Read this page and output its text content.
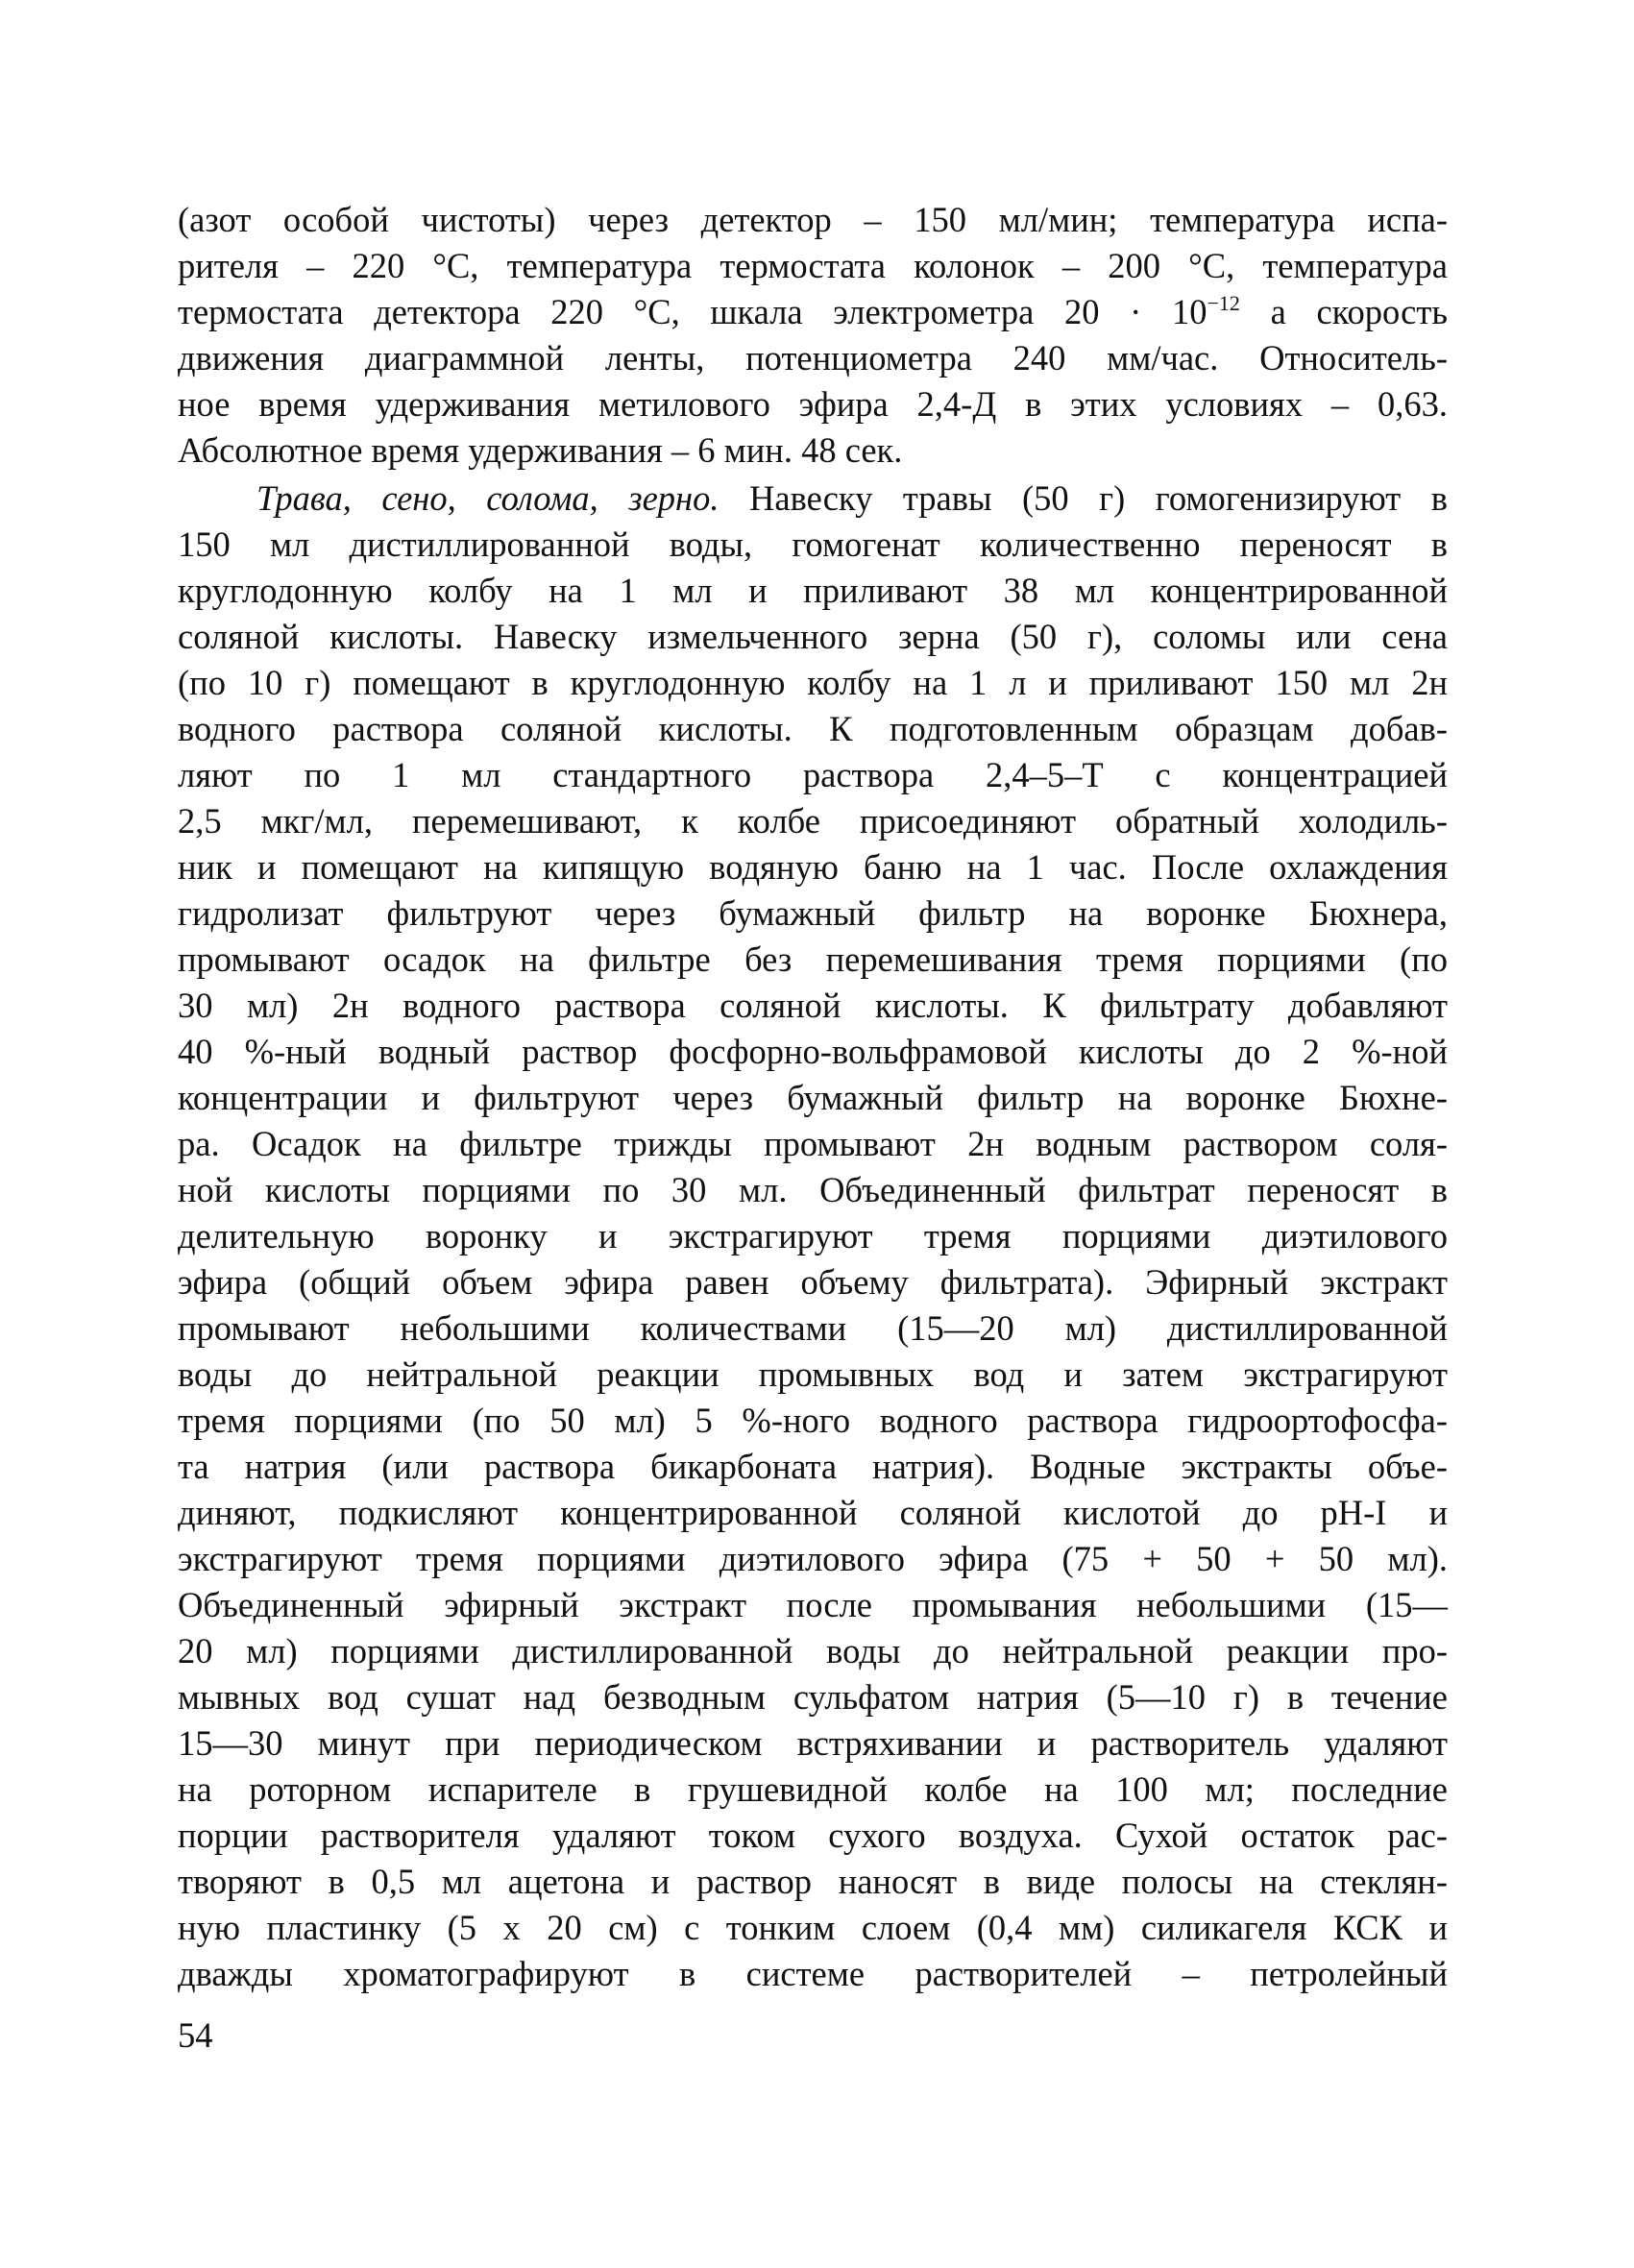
(азот особой чистоты) через детектор – 150 мл/мин; температура испа-
рителя – 220 °С, температура термостата колонок – 200 °С, температура
термостата детектора 220 °С, шкала электрометра $20 \cdot 10^{-12}$ а скорость
движения диаграммной ленты, потенциометра 240 мм/час. Относитель-
ное время удерживания метилового эфира 2,4-Д в этих условиях – 0,63.
Абсолютное время удерживания – 6 мин. 48 сек.
Трава, сено, солома, зерно. Навеску травы (50 г) гомогенизируют в
150 мл дистиллированной воды, гомогенат количественно переносят в
круглодонную колбу на 1 мл и приливают 38 мл концентрированной
соляной кислоты. Навеску измельченного зерна (50 г), соломы или сена
(по 10 г) помещают в круглодонную колбу на 1 л и приливают 150 мл 2н
водного раствора соляной кислоты. К подготовленным образцам добав-
ляют по 1 мл стандартного раствора 2,4–5–Т с концентрацией
2,5 мкг/мл, перемешивают, к колбе присоединяют обратный холодиль-
ник и помещают на кипящую водяную баню на 1 час. После охлаждения
гидролизат фильтруют через бумажный фильтр на воронке Бюхнера,
промывают осадок на фильтре без перемешивания тремя порциями (по
30 мл) 2н водного раствора соляной кислоты. К фильтрату добавляют
40 %-ный водный раствор фосфорно-вольфрамовой кислоты до 2 %-ной
концентрации и фильтруют через бумажный фильтр на воронке Бюхне-
ра. Осадок на фильтре трижды промывают 2н водным раствором соля-
ной кислоты порциями по 30 мл. Объединенный фильтрат переносят в
делительную воронку и экстрагируют тремя порциями диэтилового
эфира (общий объем эфира равен объему фильтрата). Эфирный экстракт
промывают небольшими количествами (15—20 мл) дистиллированной
воды до нейтральной реакции промывных вод и затем экстрагируют
тремя порциями (по 50 мл) 5 %-ного водного раствора гидроортофосфа-
та натрия (или раствора бикарбоната натрия). Водные экстракты объе-
диняют, подкисляют концентрированной соляной кислотой до рН-I и
экстрагируют тремя порциями диэтилового эфира (75 + 50 + 50 мл).
Объединенный эфирный экстракт после промывания небольшими (15—
20 мл) порциями дистиллированной воды до нейтральной реакции про-
мывных вод сушат над безводным сульфатом натрия (5—10 г) в течение
15—30 минут при периодическом встряхивании и растворитель удаляют
на роторном испарителе в грушевидной колбе на 100 мл; последние
порции растворителя удаляют током сухого воздуха. Сухой остаток рас-
творяют в 0,5 мл ацетона и раствор наносят в виде полосы на стеклян-
ную пластинку (5 х 20 см) с тонким слоем (0,4 мм) силикагеля КСК и
дважды хроматографируют в системе растворителей – петролейный
54
